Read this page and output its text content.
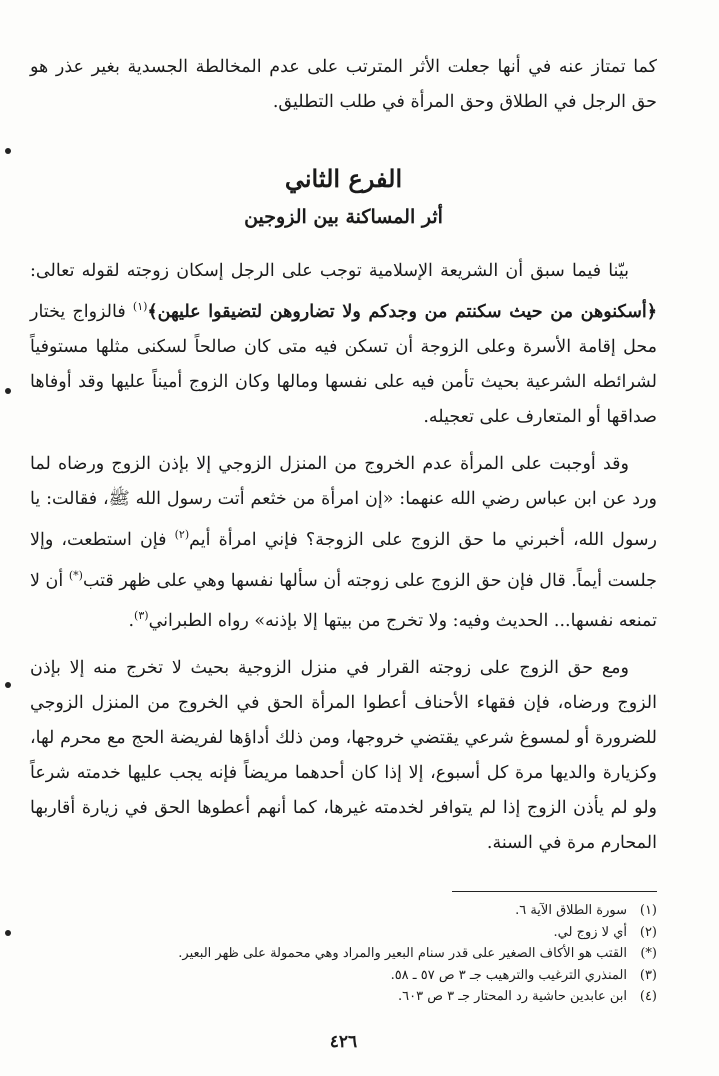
كما تمتاز عنه في أنها جعلت الأثر المترتب على عدم المخالطة الجسدية بغير عذر هو حق الرجل في الطلاق وحق المرأة في طلب التطليق.

الفرع الثاني
أثر المساكنة بين الزوجين

بيّنا فيما سبق أن الشريعة الإسلامية توجب على الرجل إسكان زوجته لقوله تعالى: ﴿أسكنوهن من حيث سكنتم من وجدكم ولا تضاروهن لتضيقوا عليهن﴾$^{(١)}$ فالزواج يختار محل إقامة الأسرة وعلى الزوجة أن تسكن فيه متى كان صالحاً لسكنى مثلها مستوفياً لشرائطه الشرعية بحيث تأمن فيه على نفسها ومالها وكان الزوج أميناً عليها وقد أوفاها صداقها أو المتعارف على تعجيله.

وقد أوجبت على المرأة عدم الخروج من المنزل الزوجي إلا بإذن الزوج ورضاه لما ورد عن ابن عباس رضي الله عنهما: «إن امرأة من خثعم أتت رسول الله ﷺ، فقالت: يا رسول الله، أخبرني ما حق الزوج على الزوجة؟ فإني امرأة أيم$^{(٢)}$ فإن استطعت، وإلا جلست أيماً. قال فإن حق الزوج على زوجته أن سألها نفسها وهي على ظهر قتب(*) أن لا تمنعه نفسها... الحديث وفيه: ولا تخرج من بيتها إلا بإذنه» رواه الطبراني$^{(٣)}$.

ومع حق الزوج على زوجته القرار في منزل الزوجية بحيث لا تخرج منه إلا بإذن الزوج ورضاه، فإن فقهاء الأحناف أعطوا المرأة الحق في الخروج من المنزل الزوجي للضرورة أو لمسوغ شرعي يقتضي خروجها، ومن ذلك أداؤها لفريضة الحج مع محرم لها، وكزيارة والديها مرة كل أسبوع، إلا إذا كان أحدهما مريضاً فإنه يجب عليها خدمته شرعاً ولو لم يأذن الزوج إذا لم يتوافر لخدمته غيرها، كما أنهم أعطوها الحق في زيارة أقاربها المحارم مرة في السنة.

(١)
سورة الطلاق الآية ٦.
(٢)
أي لا زوج لي.
(*)
القتب هو الأكاف الصغير على قدر سنام البعير والمراد وهي محمولة على ظهر البعير.
(٣)
المنذري الترغيب والترهيب جـ ٣ ص ٥٧ ـ ٥٨.
(٤)
ابن عابدين حاشية رد المحتار جـ ٣ ص ٦٠٣.
٤٢٦
